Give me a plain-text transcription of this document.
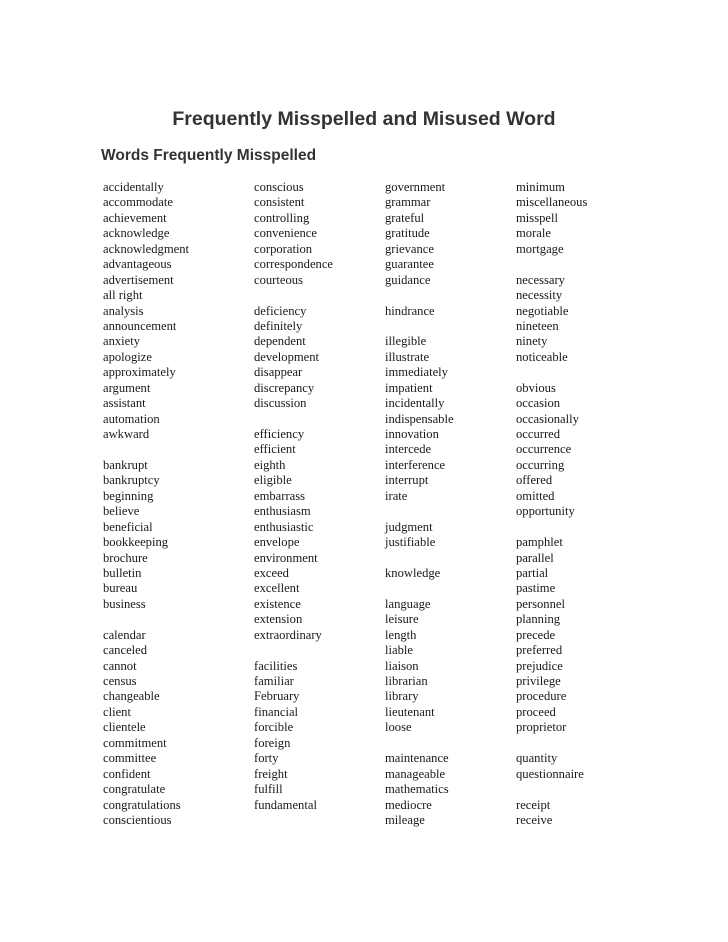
Frequently Misspelled and Misused Word
Words Frequently Misspelled
accidentally
accommodate
achievement
acknowledge
acknowledgment
advantageous
advertisement
all right
analysis
announcement
anxiety
apologize
approximately
argument
assistant
automation
awkward
bankrupt
bankruptcy
beginning
believe
beneficial
bookkeeping
brochure
bulletin
bureau
business
calendar
canceled
cannot
census
changeable
client
clientele
commitment
committee
confident
congratulate
congratulations
conscientious
conscious
consistent
controlling
convenience
corporation
correspondence
courteous
deficiency
definitely
dependent
development
disappear
discrepancy
discussion
efficiency
efficient
eighth
eligible
embarrass
enthusiasm
enthusiastic
envelope
environment
exceed
excellent
existence
extension
extraordinary
facilities
familiar
February
financial
forcible
foreign
forty
freight
fulfill
fundamental
government
grammar
grateful
gratitude
grievance
guarantee
guidance
hindrance
illegible
illustrate
immediately
impatient
incidentally
indispensable
innovation
intercede
interference
interrupt
irate
judgment
justifiable
knowledge
language
leisure
length
liable
liaison
librarian
library
lieutenant
loose
maintenance
manageable
mathematics
mediocre
mileage
minimum
miscellaneous
misspell
morale
mortgage
necessary
necessity
negotiable
nineteen
ninety
noticeable
obvious
occasion
occasionally
occurred
occurrence
occurring
offered
omitted
opportunity
pamphlet
parallel
partial
pastime
personnel
planning
precede
preferred
prejudice
privilege
procedure
proceed
proprietor
quantity
questionnaire
receipt
receive
